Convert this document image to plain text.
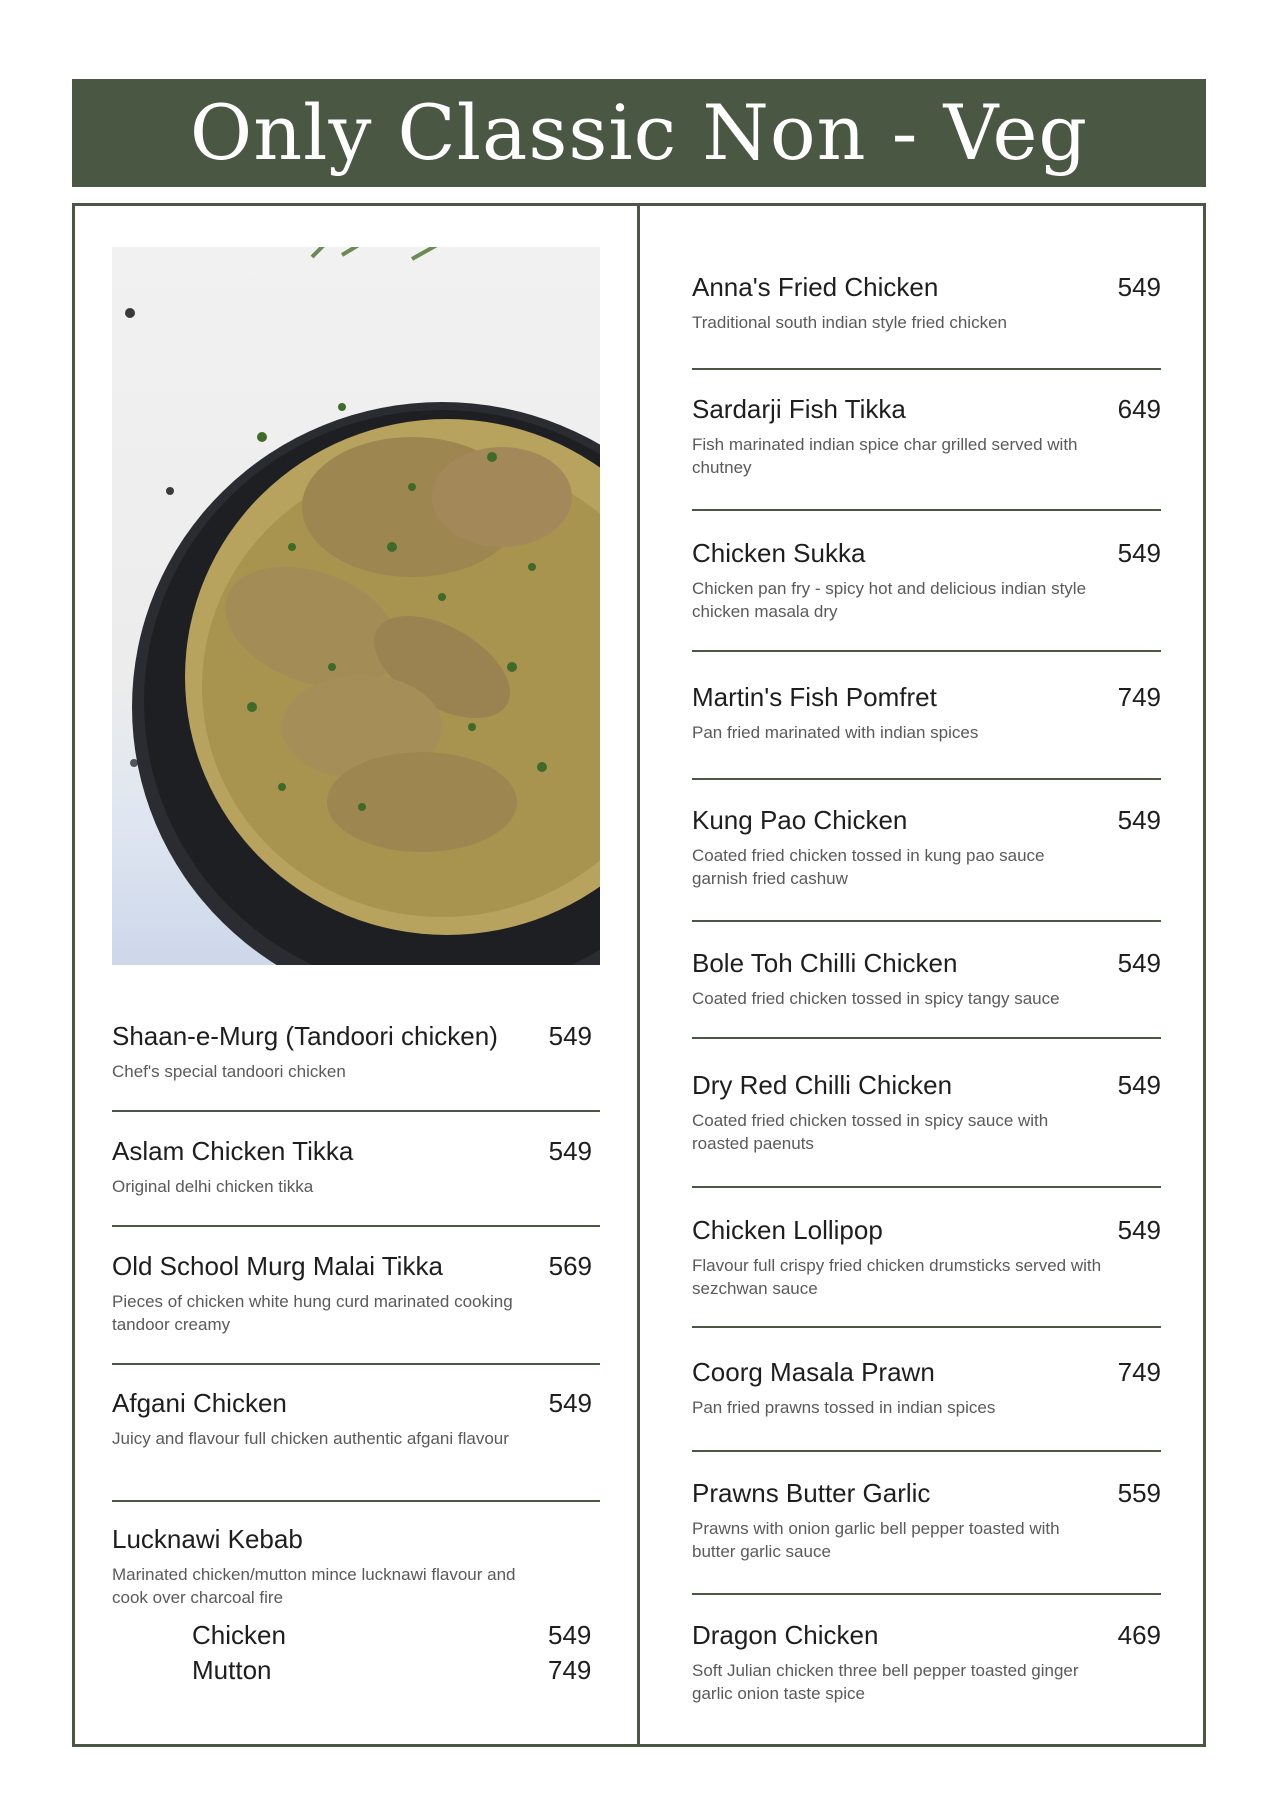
Only Classic Non - Veg
Shaan-e-Murg (Tandoori chicken) 549
Chef's special tandoori chicken
Aslam Chicken Tikka	549
Original delhi chicken tikka
Old School Murg Malai Tikka	569
Pieces of chicken white hung curd marinated cooking tandoor creamy
Afgani Chicken	549
Juicy and flavour full chicken authentic afgani flavour
Lucknawi Kebab
Marinated chicken/mutton mince lucknawi flavour and cook over charcoal fire
Chicken	549
Mutton	749
Anna's Fried Chicken	549
Traditional south indian style fried chicken
Sardarji Fish Tikka	649
Fish marinated indian spice char grilled served with chutney
Chicken Sukka	549
Chicken pan fry - spicy hot and delicious indian style chicken masala dry
Martin's Fish Pomfret	749
Pan fried marinated with indian spices
Kung Pao Chicken	549
Coated fried chicken tossed in kung pao sauce garnish fried cashuw
Bole Toh Chilli Chicken	549
Coated fried chicken tossed in spicy tangy sauce
Dry Red Chilli Chicken	549
Coated fried chicken tossed in spicy sauce with roasted paenuts
Chicken Lollipop	549
Flavour full crispy fried chicken drumsticks served with sezchwan sauce
Coorg Masala Prawn	749
Pan fried prawns tossed in indian spices
Prawns Butter Garlic	559
Prawns with onion garlic bell pepper toasted with butter garlic sauce
Dragon Chicken	469
Soft Julian chicken three bell pepper toasted ginger garlic onion taste spice
